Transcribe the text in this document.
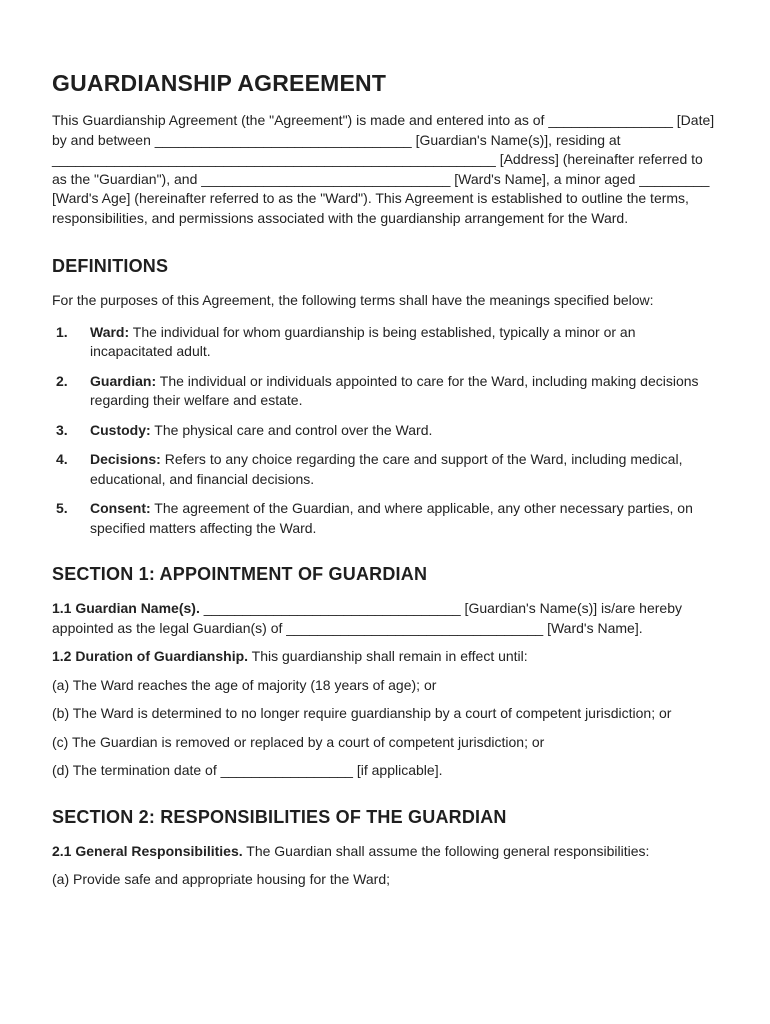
GUARDIANSHIP AGREEMENT

This Guardianship Agreement (the "Agreement") is made and entered into as of ________________ [Date] by and between _________________________________ [Guardian's Name(s)], residing at _________________________________________________________ [Address] (hereinafter referred to as the "Guardian"), and ________________________________ [Ward's Name], a minor aged _________ [Ward's Age] (hereinafter referred to as the "Ward"). This Agreement is established to outline the terms, responsibilities, and permissions associated with the guardianship arrangement for the Ward.

DEFINITIONS

For the purposes of this Agreement, the following terms shall have the meanings specified below:

1. Ward: The individual for whom guardianship is being established, typically a minor or an incapacitated adult.
2. Guardian: The individual or individuals appointed to care for the Ward, including making decisions regarding their welfare and estate.
3. Custody: The physical care and control over the Ward.
4. Decisions: Refers to any choice regarding the care and support of the Ward, including medical, educational, and financial decisions.
5. Consent: The agreement of the Guardian, and where applicable, any other necessary parties, on specified matters affecting the Ward.
SECTION 1: APPOINTMENT OF GUARDIAN

1.1 Guardian Name(s). _________________________________ [Guardian's Name(s)] is/are hereby appointed as the legal Guardian(s) of _________________________________ [Ward's Name].

1.2 Duration of Guardianship. This guardianship shall remain in effect until:

(a) The Ward reaches the age of majority (18 years of age); or

(b) The Ward is determined to no longer require guardianship by a court of competent jurisdiction; or

(c) The Guardian is removed or replaced by a court of competent jurisdiction; or

(d) The termination date of _________________ [if applicable].

SECTION 2: RESPONSIBILITIES OF THE GUARDIAN

2.1 General Responsibilities. The Guardian shall assume the following general responsibilities:

(a) Provide safe and appropriate housing for the Ward;
